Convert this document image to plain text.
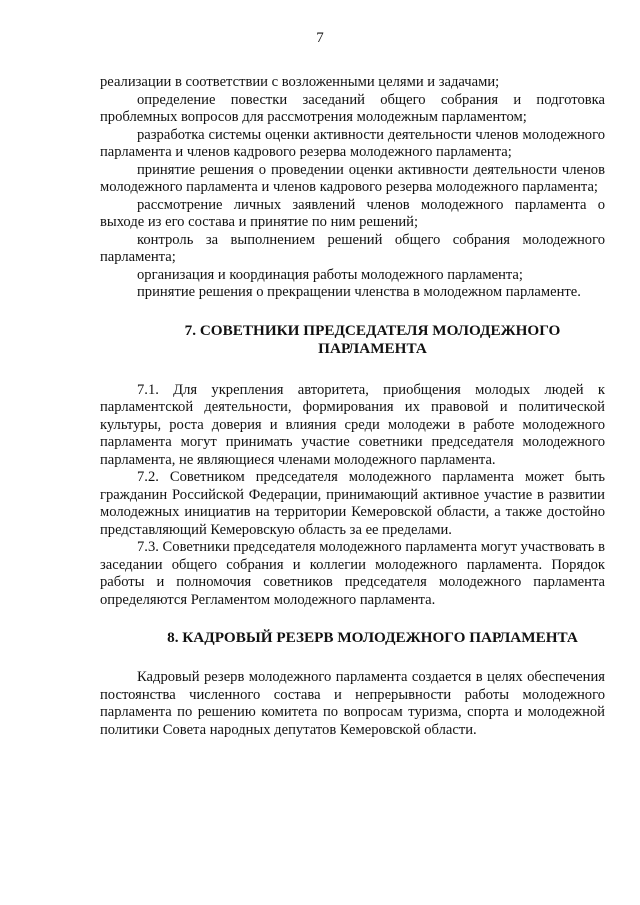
7

реализации в соответствии с возложенными целями и задачами;

определение повестки заседаний общего собрания и подготовка проблемных вопросов для рассмотрения молодежным парламентом;

разработка системы оценки активности деятельности членов молодежного парламента и членов кадрового резерва молодежного парламента;

принятие решения о проведении оценки активности деятельности членов молодежного парламента и членов кадрового резерва молодежного парламента;

рассмотрение личных заявлений членов молодежного парламента о выходе из его состава и принятие по ним решений;

контроль за выполнением решений общего собрания молодежного парламента;

организация и координация работы молодежного парламента;

принятие решения о прекращении членства в молодежном парламенте.

7. СОВЕТНИКИ ПРЕДСЕДАТЕЛЯ МОЛОДЕЖНОГО
ПАРЛАМЕНТА

7.1. Для укрепления авторитета, приобщения молодых людей к парламентской деятельности, формирования их правовой и политической культуры, роста доверия и влияния среди молодежи в работе молодежного парламента могут принимать участие советники председателя молодежного парламента, не являющиеся членами молодежного парламента.

7.2. Советником председателя молодежного парламента может быть гражданин Российской Федерации, принимающий активное участие в развитии молодежных инициатив на территории Кемеровской области, а также достойно представляющий Кемеровскую область за ее пределами.

7.3. Советники председателя молодежного парламента могут участвовать в заседании общего собрания и коллегии молодежного парламента. Порядок работы и полномочия советников председателя молодежного парламента определяются Регламентом молодежного парламента.

8. КАДРОВЫЙ РЕЗЕРВ МОЛОДЕЖНОГО ПАРЛАМЕНТА

Кадровый резерв молодежного парламента создается в целях обеспечения постоянства численного состава и непрерывности работы молодежного парламента по решению комитета по вопросам туризма, спорта и молодежной политики Совета народных депутатов Кемеровской области.
